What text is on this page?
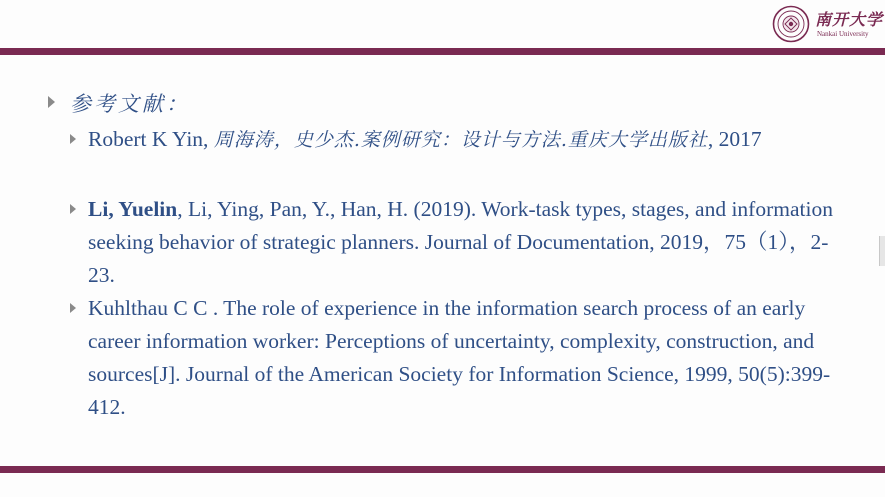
南开大学
Nankai University
参考文献：
Robert K Yin, 周海涛，史少杰.案例研究：设计与方法.重庆大学出版社, 2017
Li, Yuelin, Li, Ying, Pan, Y., Han, H. (2019). Work-task types, stages, and information seeking behavior of strategic planners. Journal of Documentation, 2019，75（1），2-23.
Kuhlthau C C . The role of experience in the information search process of an early career information worker: Perceptions of uncertainty, complexity, construction, and sources[J]. Journal of the American Society for Information Science, 1999, 50(5):399-412.
